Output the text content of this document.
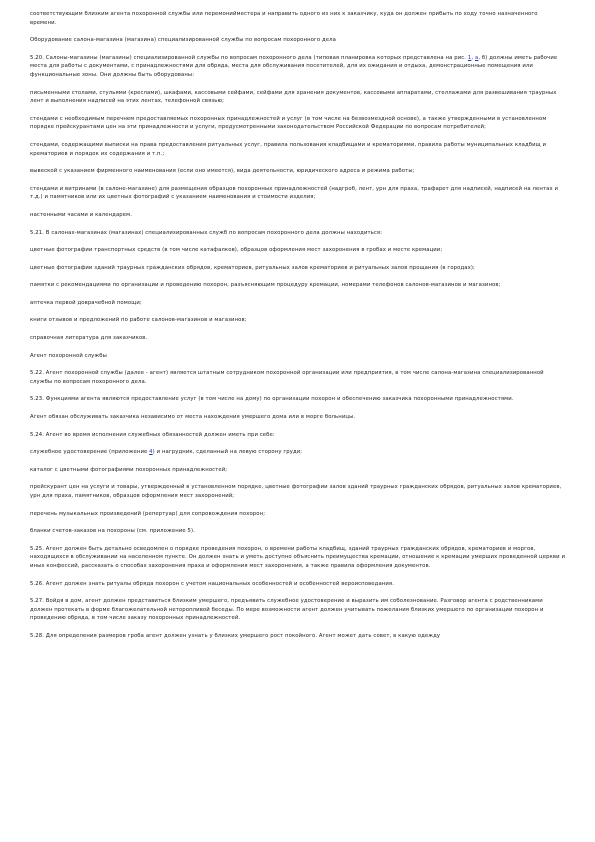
соответствующим близким агента похоронной службы или перемонийместера и направить одного из них к заказчику, куда он должен прибыть по ходу точно назначенного времени.

Оборудование салона-магазина (магазина) специализированной службы по вопросам похоронного дела

5.20. Салоны-магазины (магазины) специализированной службы по вопросам похоронного дела (типовая планировка которых представлена на рис. 1, а, б) должны иметь рабочие места для работы с документами, с принадлежностями для обряда, места для обслуживания посетителей, для их ожидания и отдыха, демонстрационные помещения или функциональные зоны. Они должны быть оборудованы:

письменными столами, стульями (креслами), шкафами, кассовыми сейфами, сейфами для хранения документов, кассовыми аппаратами, стеллажами для развешивания траурных лент и выполнения надписей на этих лентах, телефонной связью;

стендами с необходимым перечнем предоставляемых похоронных принадлежностей и услуг (в том числе на безвозмездной основе), а также утвержденными в установленном порядке прейскурантами цен на эти принадлежности и услуги, предусмотренными законодательством Российской Федерации по вопросам потребителей;

стендами, содержащими выписки на права предоставления ритуальных услуг, правила пользования кладбищами и крематориями, правила работы муниципальных кладбищ и крематориев и порядок их содержания и т.п.;

вывеской с указанием фирменного наименования (если оно имеется), вида деятельности, юридического адреса и режима работы;

стендами и витринами (в салоне-магазине) для размещения образцов похоронных принадлежностей (надгроб, лент, урн для праха, трафарет для надписей, надписей на лентах и т.д.) и памятников или их цветных фотографий с указанием наименования и стоимости изделия;

настенными часами и календарем.

5.21. В салонах-магазинах (магазинах) специализированных служб по вопросам похоронного дела должны находиться:

цветные фотографии транспортных средств (в том числе катафалков), образцов оформления мест захоронения в гробах и месте кремации;

цветные фотографии зданий траурных гражданских обрядов, крематориев, ритуальных залов крематориев и ритуальных залов прощания (в городах);

памятки с рекомендациями по организации и проведению похорон, разъясняющим процедуру кремации, номерами телефонов салонов-магазинов и магазинов;

аптечка первой доврачебной помощи;

книги отзывов и предложений по работе салонов-магазинов и магазинов;

справочная литература для заказчиков.

Агент похоронной службы

5.22. Агент похоронной службы (далее - агент) является штатным сотрудником похоронной организации или предприятия, в том числе салона-магазина специализированной службы по вопросам похоронного дела.

5.23. Функциями агента являются предоставление услуг (в том числе на дому) по организации похорон и обеспечению заказчика похоронными принадлежностями.

Агент обязан обслуживать заказчика независимо от места нахождения умершего дома или в морге больницы.

5.24. Агент во время исполнения служебных обязанностей должен иметь при себе:

служебное удостоверение (приложение 4) и нагрудник, сделанный на левую сторону груди;

каталог с цветными фотографиями похоронных принадлежностей;

прейскурант цен на услуги и товары, утвержденный в установленном порядке, цветные фотографии залов зданий траурных гражданских обрядов, ритуальных залов крематориев, урн для праха, памятников, образцов оформления мест захоронений;

перечень музыкальных произведений (репертуар) для сопровождения похорон;

бланки счетов-заказов на похороны (см. приложение 5).

5.25. Агент должен быть детально осведомлен о порядке проведения похорон, о времени работы кладбищ, зданий траурных гражданских обрядов, крематориев и моргов, находящихся в обслуживании на населенном пункте. Он должен знать и уметь доступно объяснить преимущества кремации, отношение к кремации умерших проведенной церкви и иных конфессий, рассказать о способах захоронения праха и оформления мест захоронения, а также правила оформления документов.

5.26. Агент должен знать ритуалы обряда похорон с учетом национальных особенностей и особенностей вероисповедания.

5.27. Войдя в дом, агент должен представиться близким умершего, предъявить служебное удостоверение и выразить им соболезнование. Разговор агента с родственниками должен протекать в форме благожелательной неторопливой беседы. По мере возможности агент должен учитывать пожелания близких умершего по организации похорон и проведению обряда, в том числе заказу похоронных принадлежностей.

5.28. Для определения размеров гроба агент должен узнать у близких умершего рост покойного. Агент может дать совет, в какую одежду
